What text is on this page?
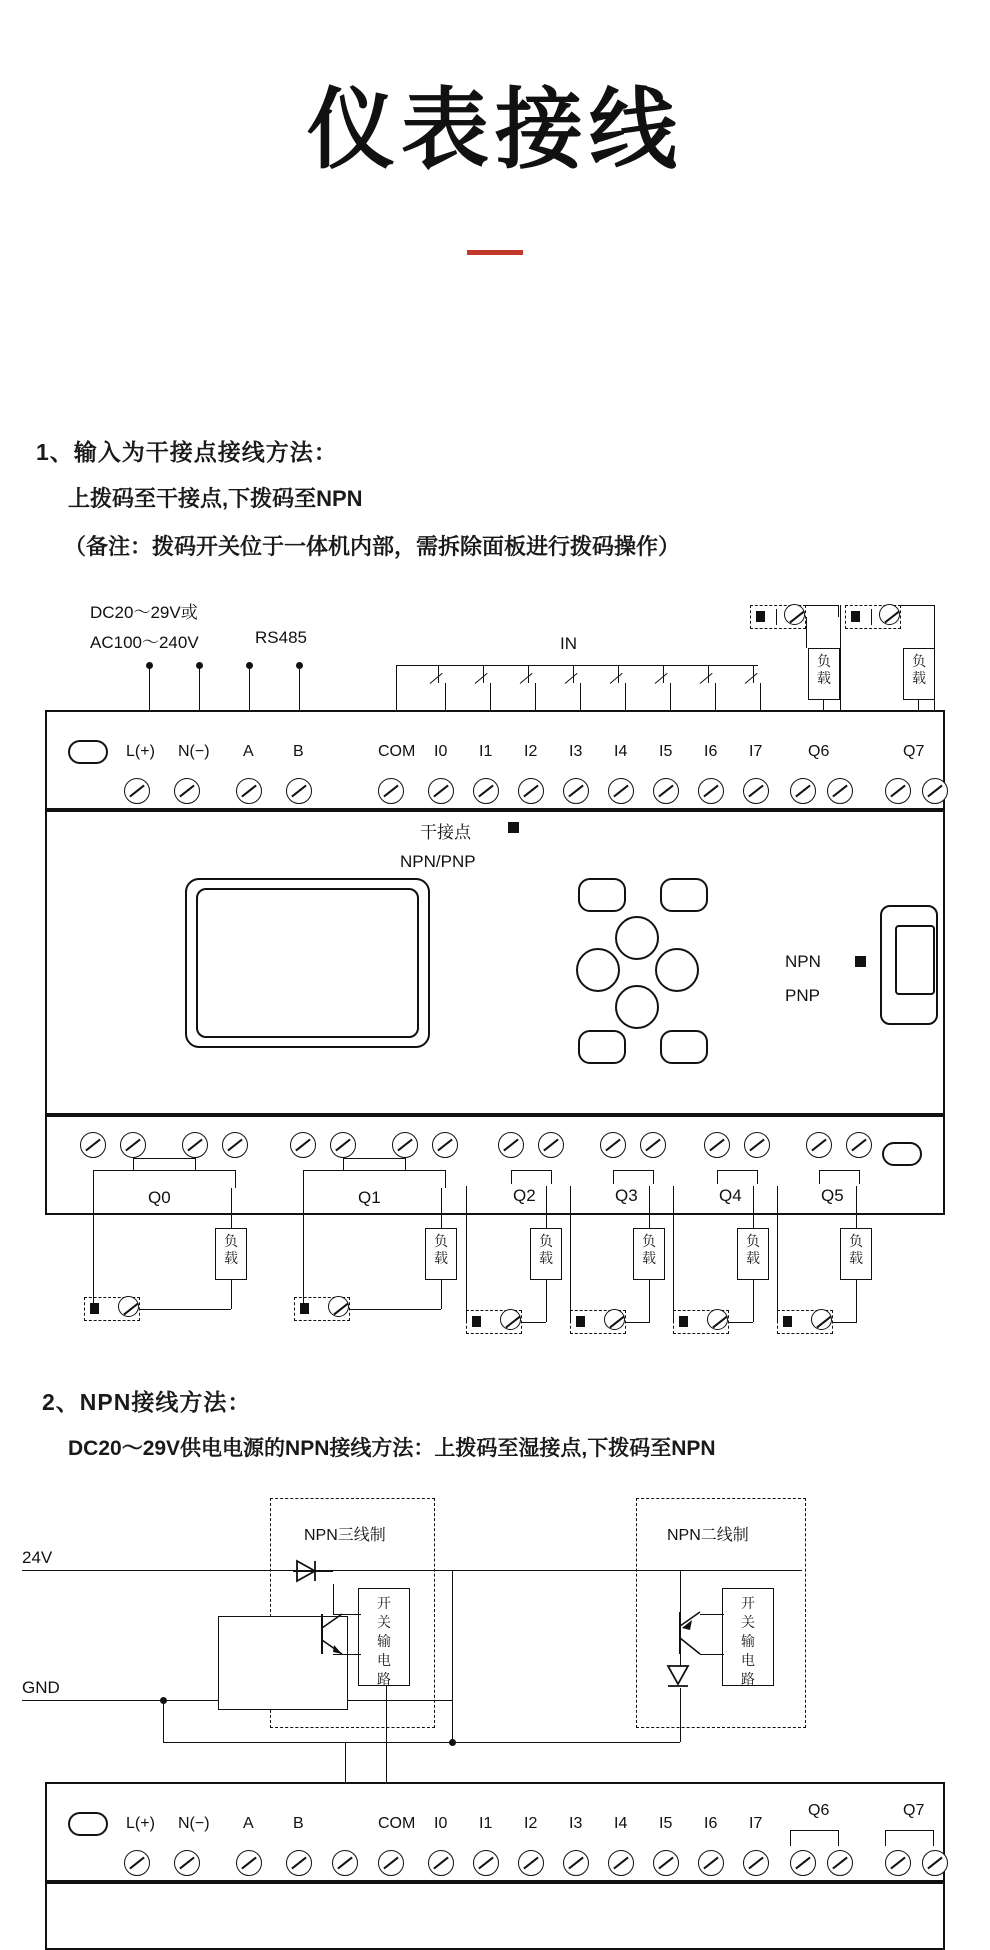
仪表接线
1、输入为干接点接线方法：
上拨码至干接点,下拨码至NPN
（备注：拨码开关位于一体机内部，需拆除面板进行拨码操作）
DC20～29V或
AC100～240V	RS485	IN
负
载
负
载
L(+) N(−) A B	COM I0 I1 I2 I3 I4 I5 I6 I7	Q6	Q7
干接点
NPN/PNP
NPN
PNP
Q0	Q1	Q2	Q3	Q4	Q5
负
载
负
载
负
载
负
载
负
载
负
载
2、NPN接线方法：
DC20～29V供电电源的NPN接线方法：上拨码至湿接点,下拨码至NPN
24V
GND
NPN三线制
开
关
输
电
路
NPN二线制
开
关
输
电
路
L(+) N(−) A B	COM I0 I1 I2 I3 I4 I5 I6 I7
Q6	Q7
